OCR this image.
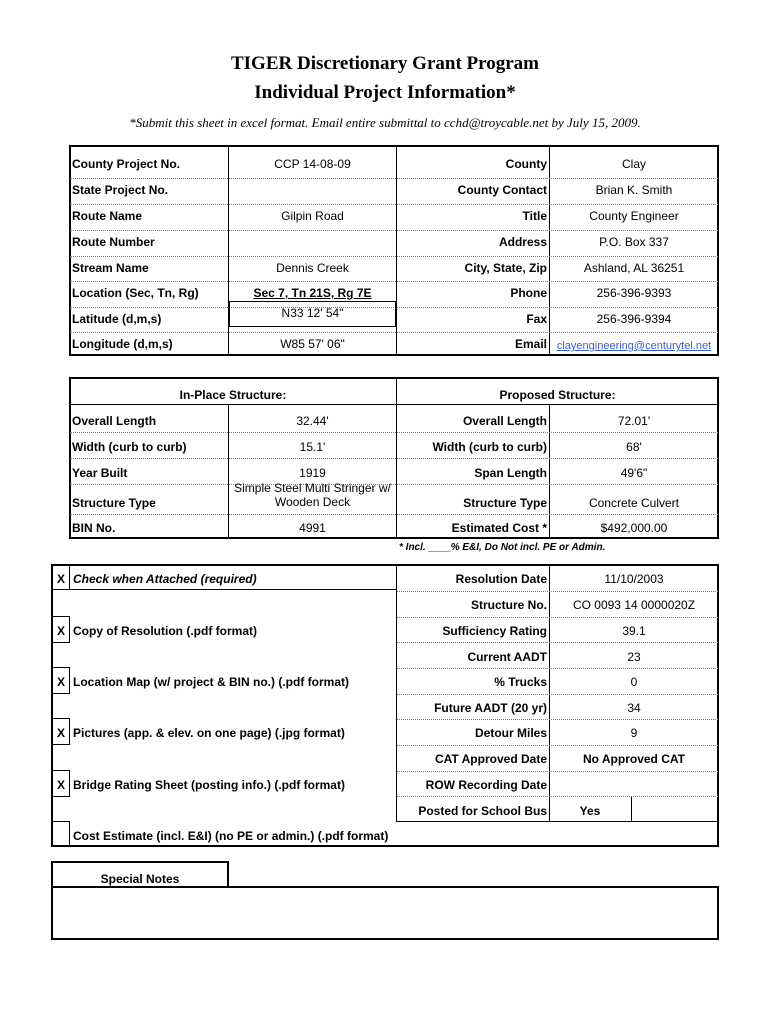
TIGER Discretionary Grant Program
Individual Project Information*
*Submit this sheet in excel format. Email entire submittal to cchd@troycable.net by July 15, 2009.
County Project No.
State Project No.
Route Name
Route Number
Stream Name
Location (Sec, Tn, Rg)
Latitude (d,m,s)
Longitude (d,m,s)
CCP 14-08-09
Gilpin Road
Dennis Creek
Sec 7, Tn 21S, Rg 7E
N33 12' 54"
W85 57' 06"
County
County Contact
Title
Address
City, State, Zip
Phone
Fax
Email
Clay
Brian K. Smith
County Engineer
P.O. Box 337
Ashland, AL 36251
256-396-9393
256-396-9394
clayengineering@centurytel.net
In-Place Structure:	Proposed Structure:
Overall Length
Width (curb to curb)
Year Built
Structure Type
BIN No.
32.44'
15.1'
1919
Simple Steel Multi Stringer w/
Wooden Deck
4991
Overall Length
Width (curb to curb)
Span Length
Structure Type
Estimated Cost *
72.01'
68'
49'6"
Concrete Culvert
$492,000.00
* Incl. ____% E&I, Do Not incl. PE or Admin.
X
X
X
X
X
Check when Attached (required)
Copy of Resolution (.pdf format)
Location Map (w/ project & BIN no.) (.pdf format)
Pictures (app. & elev. on one page) (.jpg format)
Bridge Rating Sheet (posting info.) (.pdf format)
Cost Estimate (incl. E&I) (no PE or admin.) (.pdf format)
Resolution Date
Structure No.
Sufficiency Rating
Current AADT
% Trucks
Future AADT (20 yr)
Detour Miles
CAT Approved Date
ROW Recording Date
Posted for School Bus
11/10/2003
CO 0093 14 0000020Z
39.1
23
0
34
9
No Approved CAT
Yes
Special Notes
